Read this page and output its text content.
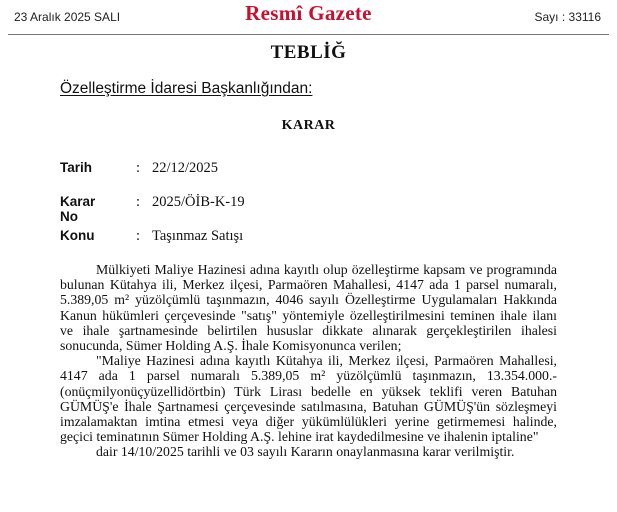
23 Aralık 2025 SALI	Resmî Gazete	Sayı : 33116
TEBLİĞ
Özelleştirme İdaresi Başkanlığından:
KARAR
Tarih	: 22/12/2025
Karar No
: 2025/ÖİB-K-19
Konu	: Taşınmaz Satışı

Mülkiyeti Maliye Hazinesi adına kayıtlı olup özelleştirme kapsam ve programında bulunan Kütahya ili, Merkez ilçesi, Parmaören Mahallesi, 4147 ada 1 parsel numaralı, 5.389,05 m² yüzölçümlü taşınmazın, 4046 sayılı Özelleştirme Uygulamaları Hakkında Kanun hükümleri çerçevesinde "satış" yöntemiyle özelleştirilmesini teminen ihale ilanı ve ihale şartnamesinde belirtilen hususlar dikkate alınarak gerçekleştirilen ihalesi sonucunda, Sümer Holding A.Ş. İhale Komisyonunca verilen;

"Maliye Hazinesi adına kayıtlı Kütahya ili, Merkez ilçesi, Parmaören Mahallesi, 4147 ada 1 parsel numaralı 5.389,05 m² yüzölçümlü taşınmazın, 13.354.000.-(onüçmilyonüçyüzellidörtbin) Türk Lirası bedelle en yüksek teklifi veren Batuhan GÜMÜŞ'e İhale Şartnamesi çerçevesinde satılmasına, Batuhan GÜMÜŞ'ün sözleşmeyi imzalamaktan imtina etmesi veya diğer yükümlülükleri yerine getirmemesi halinde, geçici teminatının Sümer Holding A.Ş. lehine irat kaydedilmesine ve ihalenin iptaline"

dair 14/10/2025 tarihli ve 03 sayılı Kararın onaylanmasına karar verilmiştir.
